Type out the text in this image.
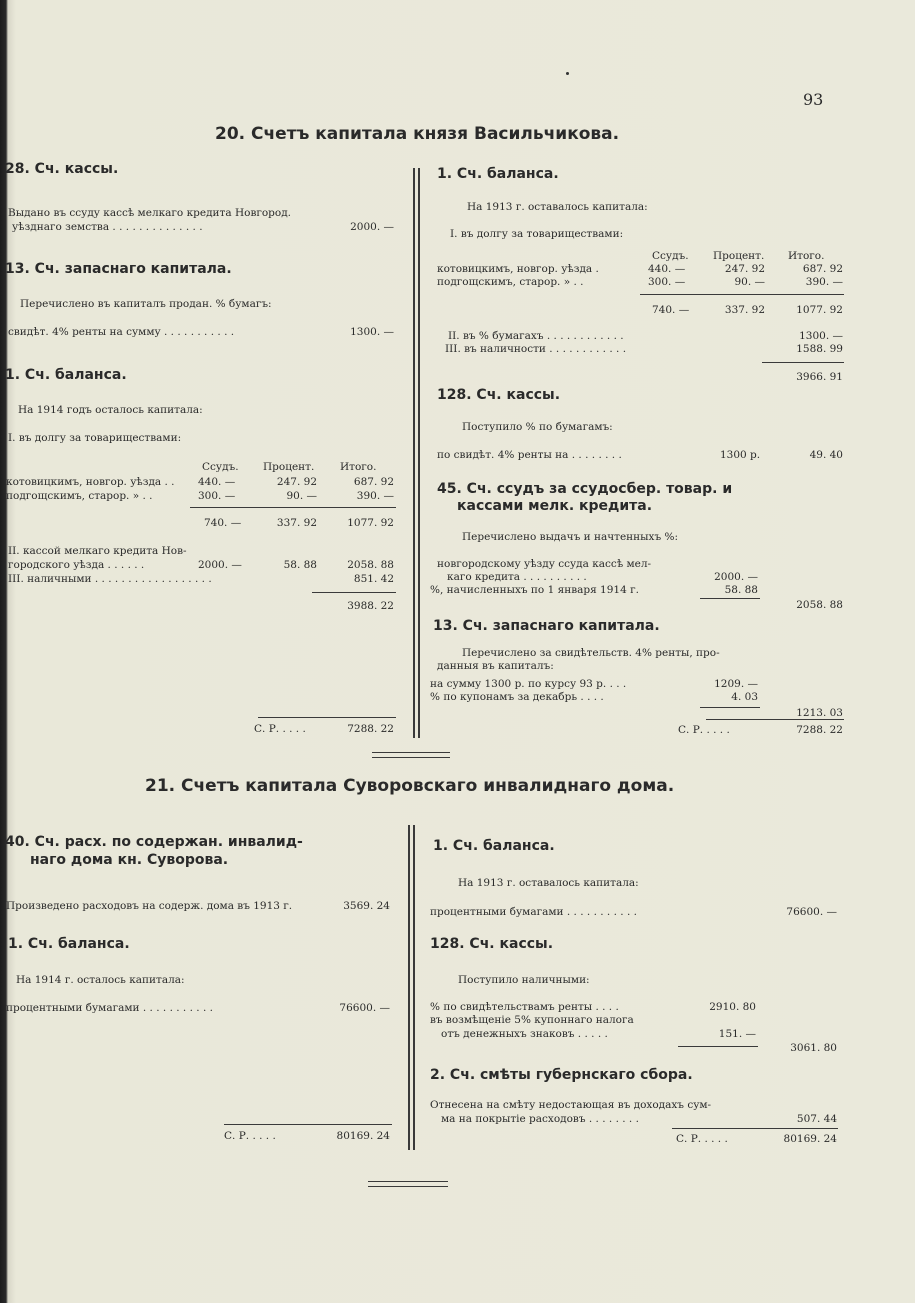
93
20. Счетъ капитала князя Васильчикова.
28. Сч. кассы.
Выдано въ ссуду кассѣ мелкаго кредита Новгород.
уѣзднаго земства . . . . . . . . . . . . . .	2000. —
13. Сч. запаснаго капитала.
Перечислено въ капиталъ продан. % бумагъ:
свидѣт. 4% ренты на сумму . . . . . . . . . . .	1300. —
1. Сч. баланса.
На 1914 годъ осталось капитала:
I. въ долгу за товариществами:
Ссудъ. Процент. Итого.
котовицкимъ, новгор. уѣзда . . 440. —	247. 92	687. 92
подгощскимъ, старор. » . .	300. —	90. —	390. —
740. —	337. 92	1077. 92
II. кассой мелкаго кредита Нов-
городского уѣзда . . . . . .	2000. —	58. 88	2058. 88
III. наличными . . . . . . . . . . . . . . . . . .	851. 42
3988. 22
С. Р. . . . .	7288. 22
1. Сч. баланса.
На 1913 г. оставалось капитала:
I. въ долгу за товариществами:
Ссудъ. Процент. Итого.
котовицкимъ, новгор. уѣзда .	440. —	247. 92	687. 92
подгощскимъ, старор. » . .	300. —	90. —	390. —
740. —	337. 92	1077. 92
II. въ % бумагахъ . . . . . . . . . . . .	1300. —
III. въ наличности . . . . . . . . . . . .	1588. 99
3966. 91
128. Сч. кассы.
Поступило % по бумагамъ:
по свидѣт. 4% ренты на . . . . . . . .	1300 р.	49. 40
45. Сч. ссудъ за ссудосбер. товар. и
кассами мелк. кредита.
Перечислено выдачъ и начтенныхъ %:
новгородскому уѣзду ссуда кассѣ мел-
каго кредита . . . . . . . . . .	2000. —
%, начисленныхъ по 1 января 1914 г.	58. 88
2058. 88
13. Сч. запаснаго капитала.
Перечислено за свидѣтельств. 4% ренты, про-
данныя въ капиталъ:
на сумму 1300 р. по курсу 93 р. . . .	1209. —
% по купонамъ за декабрь . . . .	4. 03
1213. 03
С. Р. . . . .	7288. 22
21. Счетъ капитала Суворовскаго инвалиднаго дома.
40. Сч. расх. по содержан. инвалид-
наго дома кн. Суворова.
Произведено расходовъ на содерж. дома въ 1913 г.	3569. 24
1. Сч. баланса.
На 1914 г. осталось капитала:
процентными бумагами . . . . . . . . . . .	76600. —
С. Р. . . . .	80169. 24
1. Сч. баланса.
На 1913 г. оставалось капитала:
процентными бумагами . . . . . . . . . . .	76600. —
128. Сч. кассы.
Поступило наличными:
% по свидѣтельствамъ ренты . . . .	2910. 80
въ возмѣщеніе 5% купоннаго налога
отъ денежныхъ знаковъ . . . . .	151. —
3061. 80
2. Сч. смѣты губернскаго сбора.
Отнесена на смѣту недостающая въ доходахъ сум-
ма на покрытіе расходовъ . . . . . . . .	507. 44
С. Р. . . . .	80169. 24
